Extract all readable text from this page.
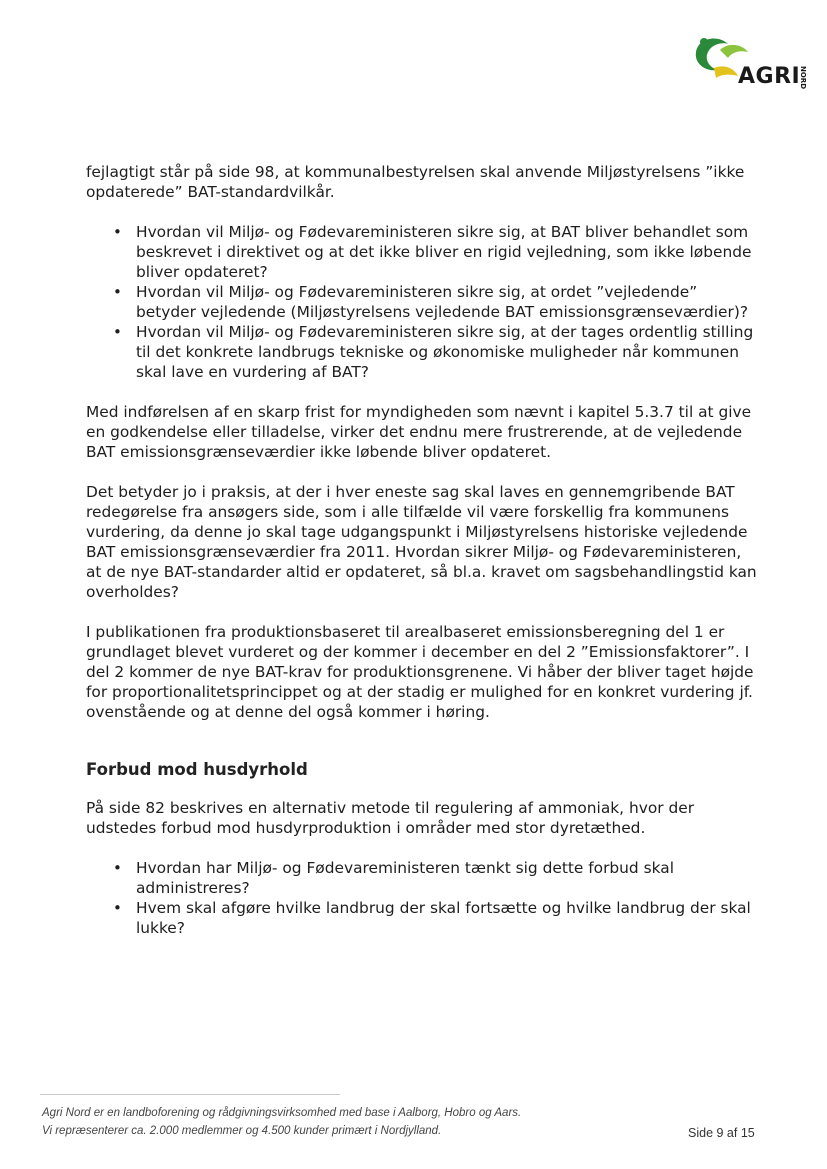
AGRI
NORD

fejlagtigt står på side 98, at kommunalbestyrelsen skal anvende Miljøstyrelsens ”ikke opdaterede” BAT-standardvilkår.

• Hvordan vil Miljø- og Fødevareministeren sikre sig, at BAT bliver behandlet som beskrevet i direktivet og at det ikke bliver en rigid vejledning, som ikke løbende bliver opdateret?
• Hvordan vil Miljø- og Fødevareministeren sikre sig, at ordet ”vejledende” betyder vejledende (Miljøstyrelsens vejledende BAT emissionsgrænseværdier)?
• Hvordan vil Miljø- og Fødevareministeren sikre sig, at der tages ordentlig stilling til det konkrete landbrugs tekniske og økonomiske muligheder når kommunen skal lave en vurdering af BAT?

Med indførelsen af en skarp frist for myndigheden som nævnt i kapitel 5.3.7 til at give en godkendelse eller tilladelse, virker det endnu mere frustrerende, at de vejledende BAT emissionsgrænseværdier ikke løbende bliver opdateret.

Det betyder jo i praksis, at der i hver eneste sag skal laves en gennemgribende BAT redegørelse fra ansøgers side, som i alle tilfælde vil være forskellig fra kommunens vurdering, da denne jo skal tage udgangspunkt i Miljøstyrelsens historiske vejledende BAT emissionsgrænseværdier fra 2011. Hvordan sikrer Miljø- og Fødevareministeren, at de nye BAT-standarder altid er opdateret, så bl.a. kravet om sagsbehandlingstid kan overholdes?

I publikationen fra produktionsbaseret til arealbaseret emissionsberegning del 1 er grundlaget blevet vurderet og der kommer i december en del 2 ”Emissionsfaktorer”. I del 2 kommer de nye BAT-krav for produktionsgrenene. Vi håber der bliver taget højde for proportionalitetsprincippet og at der stadig er mulighed for en konkret vurdering jf. ovenstående og at denne del også kommer i høring.

Forbud mod husdyrhold

På side 82 beskrives en alternativ metode til regulering af ammoniak, hvor der udstedes forbud mod husdyrproduktion i områder med stor dyretæthed.

• Hvordan har Miljø- og Fødevareministeren tænkt sig dette forbud skal administreres?
• Hvem skal afgøre hvilke landbrug der skal fortsætte og hvilke landbrug der skal lukke?
Agri Nord er en landboforening og rådgivningsvirksomhed med base i Aalborg, Hobro og Aars.
Vi repræsenterer ca. 2.000 medlemmer og 4.500 kunder primært i Nordjylland.	Side 9 af 15
